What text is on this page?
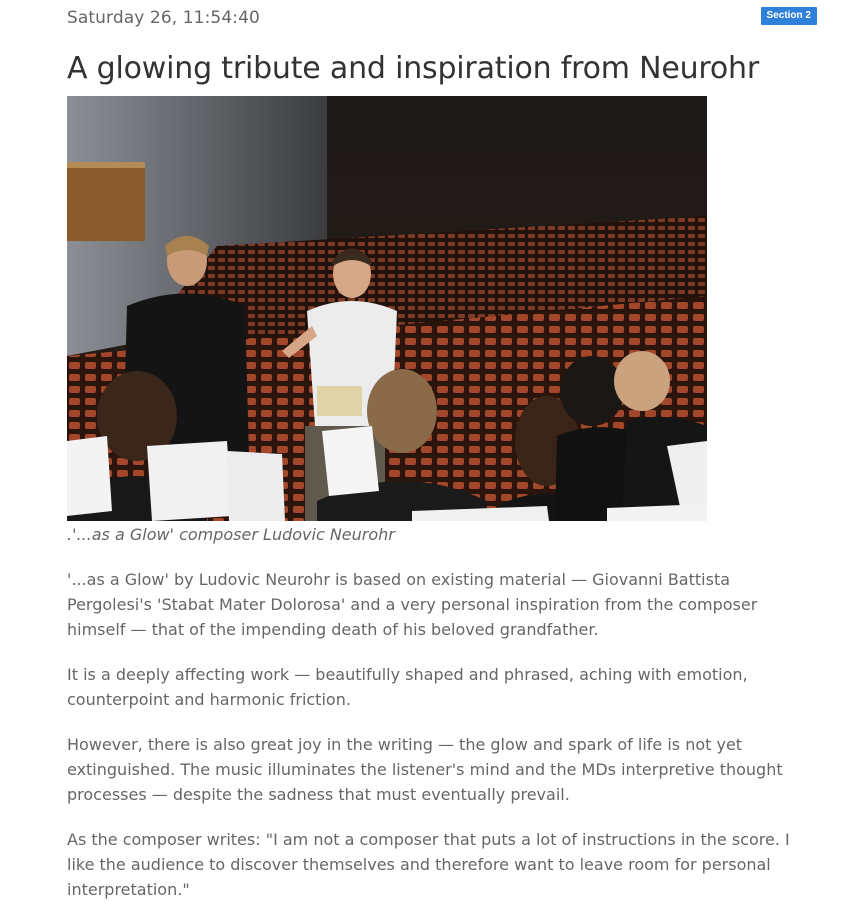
Saturday 26, 11:54:40	Section 2
A glowing tribute and inspiration from Neurohr
.'...as a Glow' composer Ludovic Neurohr

'...as a Glow' by Ludovic Neurohr is based on existing material — Giovanni Battista Pergolesi's 'Stabat Mater Dolorosa' and a very personal inspiration from the composer himself — that of the impending death of his beloved grandfather.

It is a deeply affecting work — beautifully shaped and phrased, aching with emotion, counterpoint and harmonic friction.

However, there is also great joy in the writing — the glow and spark of life is not yet extinguished. The music illuminates the listener's mind and the MDs interpretive thought processes — despite the sadness that must eventually prevail.

As the composer writes: "I am not a composer that puts a lot of instructions in the score. I like the audience to discover themselves and therefore want to leave room for personal interpretation."
